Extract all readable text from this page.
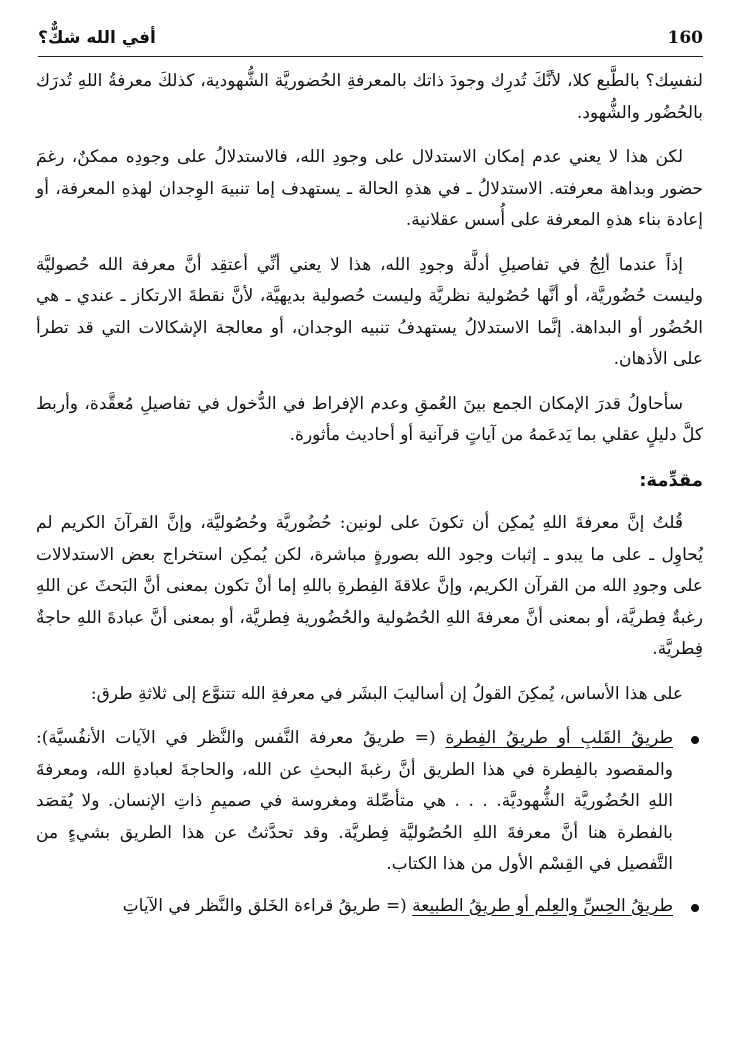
أفي الله شكٌّ؟	160

لنفسِك؟ بالطَّبع كلا، لأنَّكَ تُدرِك وجودَ ذاتك بالمعرفةِ الحُضوريَّة الشُّهودية، كذلكَ معرفةُ اللهِ تُدرَك بالحُضُور والشُّهود.

لكن هذا لا يعني عدم إمكان الاستدلال على وجودِ الله، فالاستدلالُ على وجودِه ممكنٌ، رغمَ حضور وبداهة معرفته. الاستدلالُ ـ في هذهِ الحالة ـ يستهدف إما تنبيهَ الوِجدان لهذهِ المعرفة، أو إعادة بناء هذهِ المعرفة على أُسس عقلانية.

إذاً عندما ألِجُ في تفاصيلِ أدلَّة وجودِ الله، هذا لا يعني أنِّي أعتقِد أنَّ معرفة الله حُصوليَّة وليست حُضُوريَّة، أو أنَّها حُصُولية نظريَّة وليست حُصولية بديهيَّة، لأنَّ نقطةَ الارتكاز ـ عندي ـ هي الحُضُور أو البداهة. إنَّما الاستدلالُ يستهدفُ تنبيه الوجدان، أو معالجة الإشكالات التي قد تطرأ على الأذهان.

سأحاولُ قدرَ الإمكان الجمع بينَ العُمقِ وعدم الإفراط في الدُّخول في تفاصيلِ مُعقَّدة، وأربط كلَّ دليلٍ عقلي بما يَدعَمهُ من آياتٍ قرآنية أو أحاديث مأثورة.

مقدِّمة:

قُلتُ إنَّ معرفةَ اللهِ يُمكِن أن تكونَ على لونين: حُضُوريَّة وحُصُوليَّة، وإنَّ القرآنَ الكريم لم يُحاوِل ـ على ما يبدو ـ إثبات وجود الله بصورةٍ مباشرة، لكن يُمكِن استخراج بعض الاستدلالات على وجودِ الله من القرآن الكريم، وإنَّ علاقةَ الفِطرةِ باللهِ إما أنْ تكون بمعنى أنَّ البَحثَ عن اللهِ رغبةٌ فِطريَّة، أو بمعنى أنَّ معرفةَ اللهِ الحُصُولية والحُضُورية فِطريَّة، أو بمعنى أنَّ عبادةَ اللهِ حاجةٌ فِطريَّة.

على هذا الأساس، يُمكِنَ القولُ إن أساليبَ البشَر في معرفةِ الله تتنوَّع إلى ثلاثةِ طرق:

طريقُ القَلبِ أو طريقُ الفِطرة (= طريقُ معرفة النَّفس والنَّظر في الآيات الأنفُسيَّة): والمقصود بالفِطرة في هذا الطريق أنَّ رغبةَ البحثِ عن الله، والحاجةَ لعبادةِ الله، ومعرفةَ اللهِ الحُضُوريَّة الشُّهوديَّة. . . . هي متأصِّلة ومغروسة في صميمِ ذاتِ الإنسان. ولا يُقصَد بالفطرة هنا أنَّ معرفةَ اللهِ الحُصُوليَّة فِطريَّة. وقد تحدَّثتُ عن هذا الطريق بشيءٍ من التَّفصيل في القِسْم الأول من هذا الكتاب.
طريقُ الحِسِّ والعِلم أو طريقُ الطبيعة (= طريقُ قراءة الخَلق والنَّظر في الآياتِ
